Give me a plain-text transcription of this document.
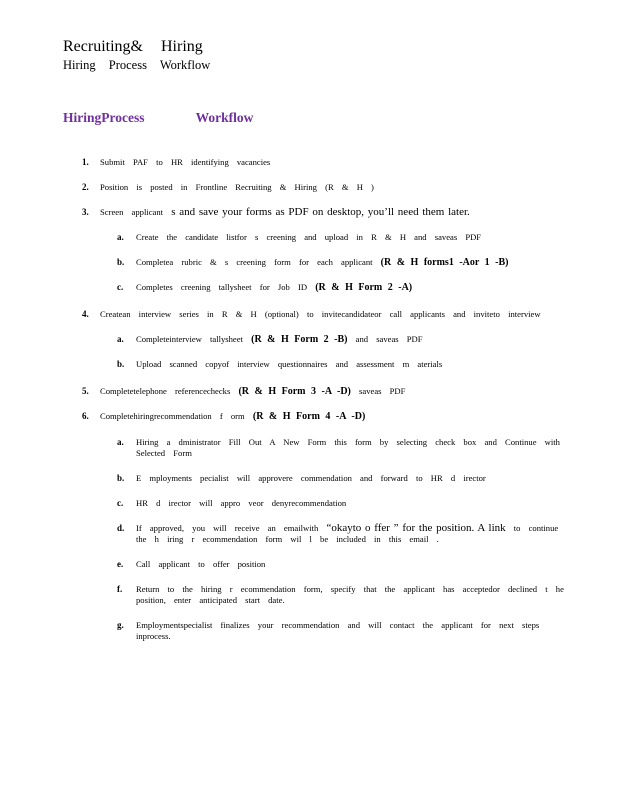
Recruiting& Hiring
Hiring Process Workflow
HiringProcess Workflow
1. Submit PAF to HR identifying vacancies
2. Position is posted in Frontline Recruiting & Hiring (R & H )
3. Screen applicant s and save your forms as PDF on desktop, you’ll need them later.
a. Create the candidate listfor s creening and upload in R & H and saveas PDF
b. Completea rubric & s creening form for each applicant (R & H forms1 -Aor 1 -B)
c. Completes creening tallysheet for Job ID (R & H Form 2 -A)
4. Createan interview series in R & H (optional) to invitecandidateor call applicants and inviteto interview
a. Completeinterview tallysheet (R & H Form 2 -B) and saveas PDF
b. Upload scanned copyof interview questionnaires and assessment m aterials
5. Completetelephone referencechecks (R & H Form 3 -A -D) saveas PDF
6. Completehiringrecommendation f orm (R & H Form 4 -A -D)
a. Hiring a dministrator Fill Out A New Form this form by selecting check box and Continue with Selected Form
b. E mployments pecialist will approvere commendation and forward to HR d irector
c. HR d irector will appro veor denyrecommendation
d. If approved, you will receive an emailwith “okayto o ffer ” for the position. A link to continue the h iring r ecommendation form wil l be included in this email .
e. Call applicant to offer position
f. Return to the hiring r ecommendation form, specify that the applicant has acceptedor declined t he position, enter anticipated start date.
g. Employmentspecialist finalizes your recommendation and will contact the applicant for next steps inprocess.
